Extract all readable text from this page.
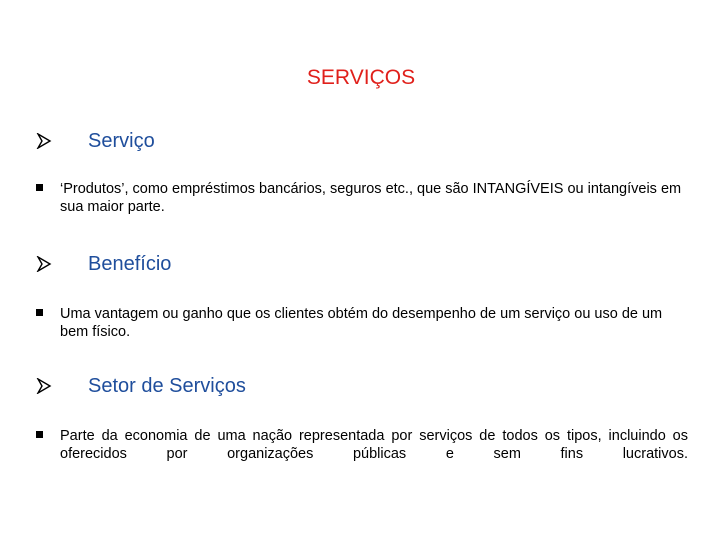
SERVIÇOS
Serviço
‘Produtos’, como empréstimos bancários, seguros etc., que são INTANGÍVEIS ou intangíveis em sua maior parte.
Benefício
Uma vantagem ou ganho que os clientes obtém do desempenho de um serviço ou uso de um bem físico.
Setor de Serviços
Parte da economia de uma nação representada por serviços de todos os tipos, incluindo os oferecidos por organizações públicas e sem fins lucrativos.
